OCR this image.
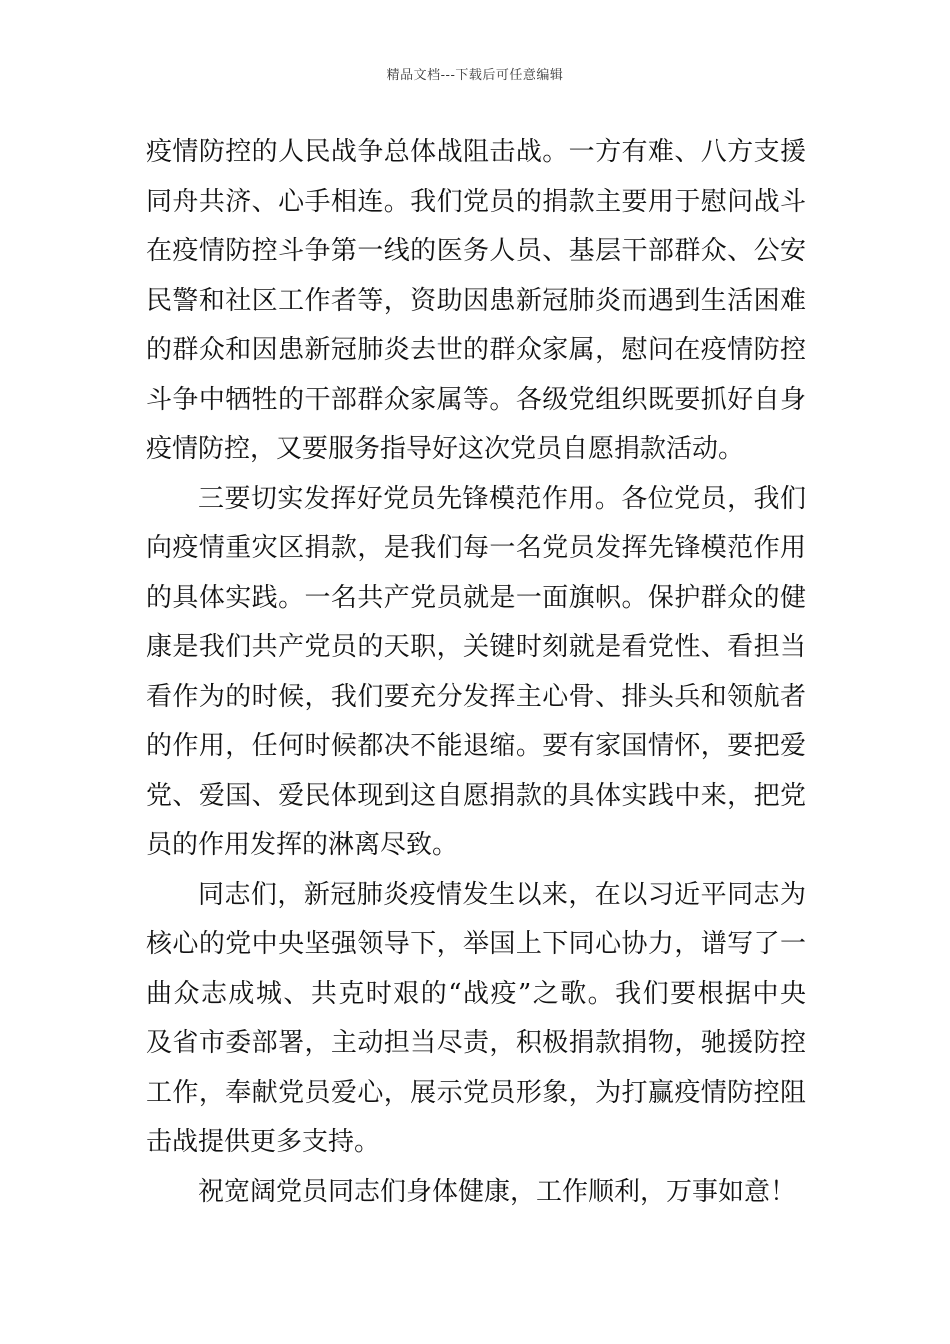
精品文档---下载后可任意编辑
疫情防控的人民战争总体战阻击战。一方有难、八方支援
同舟共济、心手相连。我们党员的捐款主要用于慰问战斗
在疫情防控斗争第一线的医务人员、基层干部群众、公安
民警和社区工作者等，资助因患新冠肺炎而遇到生活困难
的群众和因患新冠肺炎去世的群众家属，慰问在疫情防控
斗争中牺牲的干部群众家属等。各级党组织既要抓好自身
疫情防控，又要服务指导好这次党员自愿捐款活动。
三要切实发挥好党员先锋模范作用。各位党员，我们
向疫情重灾区捐款，是我们每一名党员发挥先锋模范作用
的具体实践。一名共产党员就是一面旗帜。保护群众的健
康是我们共产党员的天职，关键时刻就是看党性、看担当
看作为的时候，我们要充分发挥主心骨、排头兵和领航者
的作用，任何时候都决不能退缩。要有家国情怀，要把爱
党、爱国、爱民体现到这自愿捐款的具体实践中来，把党
员的作用发挥的淋离尽致。
同志们，新冠肺炎疫情发生以来，在以习近平同志为
核心的党中央坚强领导下，举国上下同心协力，谱写了一
曲众志成城、共克时艰的“战疫”之歌。我们要根据中央
及省市委部署，主动担当尽责，积极捐款捐物，驰援防控
工作，奉献党员爱心，展示党员形象，为打赢疫情防控阻
击战提供更多支持。
祝宽阔党员同志们身体健康，工作顺利，万事如意！
